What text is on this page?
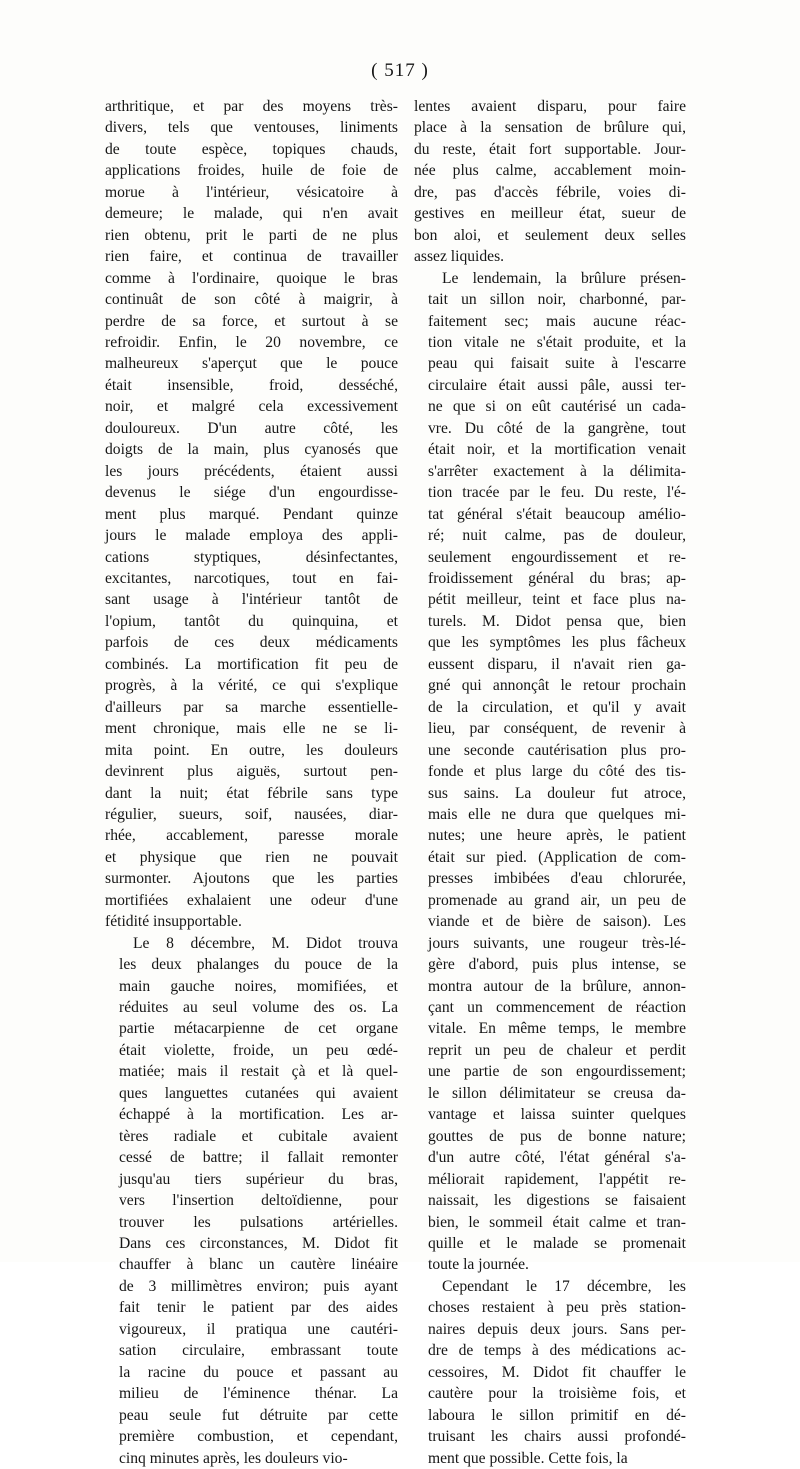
( 517 )
arthritique, et par des moyens très-
divers, tels que ventouses, liniments
de toute espèce, topiques chauds,
applications froides, huile de foie de
morue à l'intérieur, vésicatoire à
demeure; le malade, qui n'en avait
rien obtenu, prit le parti de ne plus
rien faire, et continua de travailler
comme à l'ordinaire, quoique le bras
continuât de son côté à maigrir, à
perdre de sa force, et surtout à se
refroidir. Enfin, le 20 novembre, ce
malheureux s'aperçut que le pouce
était insensible, froid, desséché,
noir, et malgré cela excessivement
douloureux. D'un autre côté, les
doigts de la main, plus cyanosés que
les jours précédents, étaient aussi
devenus le siége d'un engourdisse-
ment plus marqué. Pendant quinze
jours le malade employa des appli-
cations styptiques, désinfectantes,
excitantes, narcotiques, tout en fai-
sant usage à l'intérieur tantôt de
l'opium, tantôt du quinquina, et
parfois de ces deux médicaments
combinés. La mortification fit peu de
progrès, à la vérité, ce qui s'explique
d'ailleurs par sa marche essentielle-
ment chronique, mais elle ne se li-
mita point. En outre, les douleurs
devinrent plus aiguës, surtout pen-
dant la nuit; état fébrile sans type
régulier, sueurs, soif, nausées, diar-
rhée, accablement, paresse morale
et physique que rien ne pouvait
surmonter. Ajoutons que les parties
mortifiées exhalaient une odeur d'une
fétidité insupportable.
Le 8 décembre, M. Didot trouva
les deux phalanges du pouce de la
main gauche noires, momifiées, et
réduites au seul volume des os. La
partie métacarpienne de cet organe
était violette, froide, un peu œdé-
matiée; mais il restait çà et là quel-
ques languettes cutanées qui avaient
échappé à la mortification. Les ar-
tères radiale et cubitale avaient
cessé de battre; il fallait remonter
jusqu'au tiers supérieur du bras,
vers l'insertion deltoïdienne, pour
trouver les pulsations artérielles.
Dans ces circonstances, M. Didot fit
chauffer à blanc un cautère linéaire
de 3 millimètres environ; puis ayant
fait tenir le patient par des aides
vigoureux, il pratiqua une cautéri-
sation circulaire, embrassant toute
la racine du pouce et passant au
milieu de l'éminence thénar. La
peau seule fut détruite par cette
première combustion, et cependant,
cinq minutes après, les douleurs vio-
lentes avaient disparu, pour faire
place à la sensation de brûlure qui,
du reste, était fort supportable. Jour-
née plus calme, accablement moin-
dre, pas d'accès fébrile, voies di-
gestives en meilleur état, sueur de
bon aloi, et seulement deux selles
assez liquides.
Le lendemain, la brûlure présen-
tait un sillon noir, charbonné, par-
faitement sec; mais aucune réac-
tion vitale ne s'était produite, et la
peau qui faisait suite à l'escarre
circulaire était aussi pâle, aussi ter-
ne que si on eût cautérisé un cada-
vre. Du côté de la gangrène, tout
était noir, et la mortification venait
s'arrêter exactement à la délimita-
tion tracée par le feu. Du reste, l'é-
tat général s'était beaucoup amélio-
ré; nuit calme, pas de douleur,
seulement engourdissement et re-
froidissement général du bras; ap-
pétit meilleur, teint et face plus na-
turels. M. Didot pensa que, bien
que les symptômes les plus fâcheux
eussent disparu, il n'avait rien ga-
gné qui annonçât le retour prochain
de la circulation, et qu'il y avait
lieu, par conséquent, de revenir à
une seconde cautérisation plus pro-
fonde et plus large du côté des tis-
sus sains. La douleur fut atroce,
mais elle ne dura que quelques mi-
nutes; une heure après, le patient
était sur pied. (Application de com-
presses imbibées d'eau chlorurée,
promenade au grand air, un peu de
viande et de bière de saison). Les
jours suivants, une rougeur très-lé-
gère d'abord, puis plus intense, se
montra autour de la brûlure, annon-
çant un commencement de réaction
vitale. En même temps, le membre
reprit un peu de chaleur et perdit
une partie de son engourdissement;
le sillon délimitateur se creusa da-
vantage et laissa suinter quelques
gouttes de pus de bonne nature;
d'un autre côté, l'état général s'a-
méliorait rapidement, l'appétit re-
naissait, les digestions se faisaient
bien, le sommeil était calme et tran-
quille et le malade se promenait
toute la journée.
Cependant le 17 décembre, les
choses restaient à peu près station-
naires depuis deux jours. Sans per-
dre de temps à des médications ac-
cessoires, M. Didot fit chauffer le
cautère pour la troisième fois, et
laboura le sillon primitif en dé-
truisant les chairs aussi profondé-
ment que possible. Cette fois, la
